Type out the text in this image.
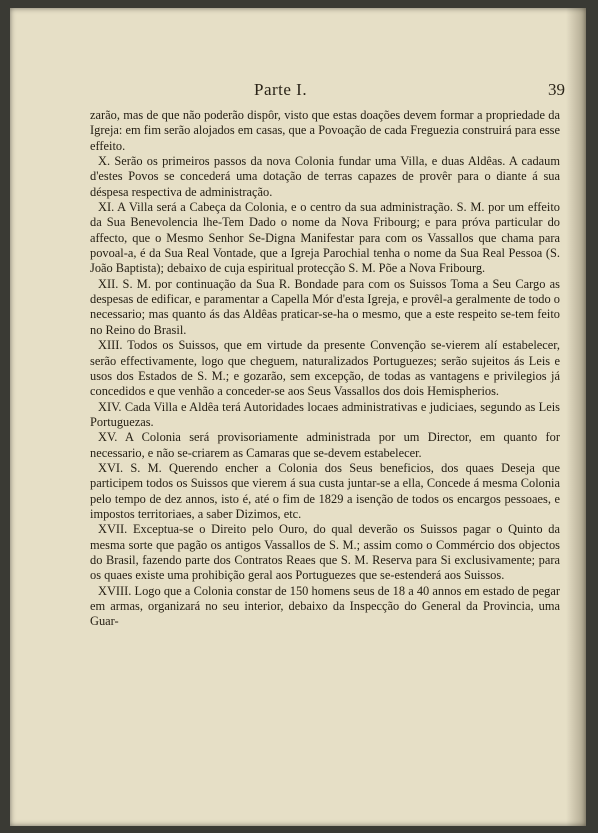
Parte I.	39

zarão, mas de que não poderão dispôr, visto que estas doações devem formar a propriedade da Igreja: em fim serão alojados em casas, que a Povoação de cada Freguezia construirá para esse effeito.

X. Serão os primeiros passos da nova Colonia fundar uma Villa, e duas Aldêas. A cadaum d'estes Povos se concederá uma dotação de terras capazes de provêr para o diante á sua déspesa respectiva de administração.

XI. A Villa será a Cabeça da Colonia, e o centro da sua administração. S. M. por um effeito da Sua Benevolencia lhe-Tem Dado o nome da Nova Fribourg; e para próva particular do affecto, que o Mesmo Senhor Se-Digna Manifestar para com os Vassallos que chama para povoal-a, é da Sua Real Vontade, que a Igreja Parochial tenha o nome da Sua Real Pessoa (S. João Baptista); debaixo de cuja espiritual protecção S. M. Põe a Nova Fribourg.

XII. S. M. por continuação da Sua R. Bondade para com os Suissos Toma a Seu Cargo as despesas de edificar, e paramentar a Capella Mór d'esta Igreja, e provêl-a geralmente de todo o necessario; mas quanto ás das Aldêas praticar-se-ha o mesmo, que a este respeito se-tem feito no Reino do Brasil.

XIII. Todos os Suissos, que em virtude da presente Convenção se-vierem alí estabelecer, serão effectivamente, logo que cheguem, naturalizados Portuguezes; serão sujeitos ás Leis e usos dos Estados de S. M.; e gozarão, sem excepção, de todas as vantagens e privilegios já concedidos e que venhão a conceder-se aos Seus Vassallos dos dois Hemispherios.

XIV. Cada Villa e Aldêa terá Autoridades locaes administrativas e judiciaes, segundo as Leis Portuguezas.

XV. A Colonia será provisoriamente administrada por um Director, em quanto for necessario, e não se-criarem as Camaras que se-devem estabelecer.

XVI. S. M. Querendo encher a Colonia dos Seus beneficios, dos quaes Deseja que participem todos os Suissos que vierem á sua custa juntar-se a ella, Concede á mesma Colonia pelo tempo de dez annos, isto é, até o fim de 1829 a isenção de todos os encargos pessoaes, e impostos territoriaes, a saber Dizimos, etc.

XVII. Exceptua-se o Direito pelo Ouro, do qual deverão os Suissos pagar o Quinto da mesma sorte que pagão os antigos Vassallos de S. M.; assim como o Commércio dos objectos do Brasil, fazendo parte dos Contratos Reaes que S. M. Reserva para Si exclusivamente; para os quaes existe uma prohibição geral aos Portuguezes que se-estenderá aos Suissos.

XVIII. Logo que a Colonia constar de 150 homens seus de 18 a 40 annos em estado de pegar em armas, organizará no seu interior, debaixo da Inspecção do General da Provincia, uma Guar-
